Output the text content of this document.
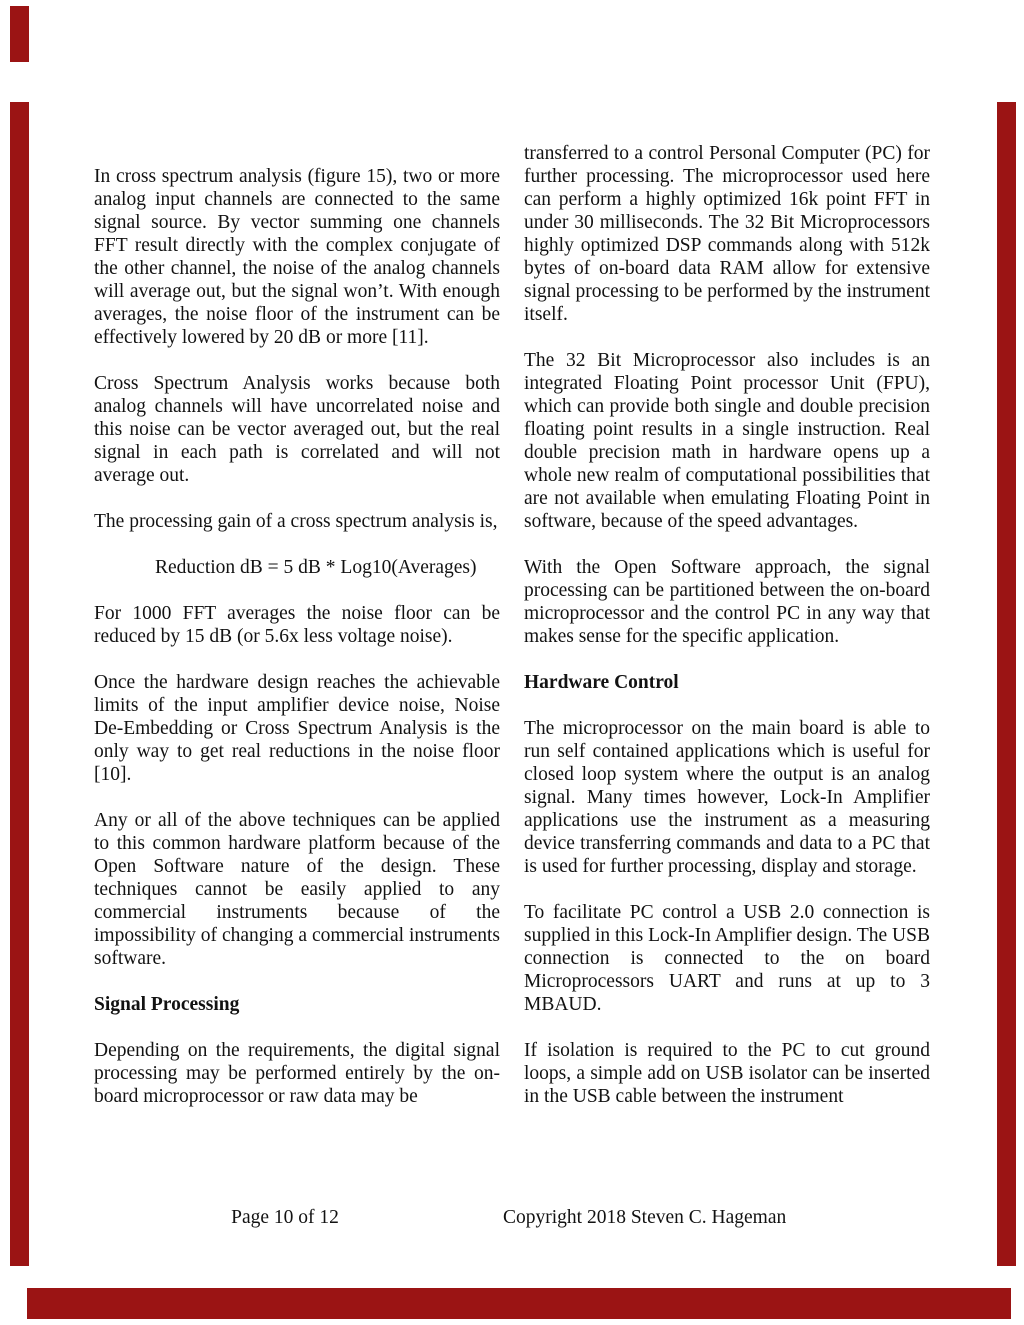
In cross spectrum analysis (figure 15), two or more analog input channels are connected to the same signal source. By vector summing one channels FFT result directly with the complex conjugate of the other channel, the noise of the analog channels will average out, but the signal won’t. With enough averages, the noise floor of the instrument can be effectively lowered by 20 dB or more [11].

Cross Spectrum Analysis works because both analog channels will have uncorrelated noise and this noise can be vector averaged out, but the real signal in each path is correlated and will not average out.

The processing gain of a cross spectrum analysis is,

Reduction dB = 5 dB * Log10(Averages)

For 1000 FFT averages the noise floor can be reduced by 15 dB (or 5.6x less voltage noise).

Once the hardware design reaches the achievable limits of the input amplifier device noise, Noise De-Embedding or Cross Spectrum Analysis is the only way to get real reductions in the noise floor [10].

Any or all of the above techniques can be applied to this common hardware platform because of the Open Software nature of the design. These techniques cannot be easily applied to any commercial instruments because of the impossibility of changing a commercial instruments software.

Signal Processing

Depending on the requirements, the digital signal processing may be performed entirely by the on-board microprocessor or raw data may be

transferred to a control Personal Computer (PC) for further processing. The microprocessor used here can perform a highly optimized 16k point FFT in under 30 milliseconds. The 32 Bit Microprocessors highly optimized DSP commands along with 512k bytes of on-board data RAM allow for extensive signal processing to be performed by the instrument itself.

The 32 Bit Microprocessor also includes is an integrated Floating Point processor Unit (FPU), which can provide both single and double precision floating point results in a single instruction. Real double precision math in hardware opens up a whole new realm of computational possibilities that are not available when emulating Floating Point in software, because of the speed advantages.

With the Open Software approach, the signal processing can be partitioned between the on-board microprocessor and the control PC in any way that makes sense for the specific application.

Hardware Control

The microprocessor on the main board is able to run self contained applications which is useful for closed loop system where the output is an analog signal. Many times however, Lock-In Amplifier applications use the instrument as a measuring device transferring commands and data to a PC that is used for further processing, display and storage.

To facilitate PC control a USB 2.0 connection is supplied in this Lock-In Amplifier design. The USB connection is connected to the on board Microprocessors UART and runs at up to 3 MBAUD.

If isolation is required to the PC to cut ground loops, a simple add on USB isolator can be inserted in the USB cable between the instrument

Page 10 of 12	Copyright 2018 Steven C. Hageman
